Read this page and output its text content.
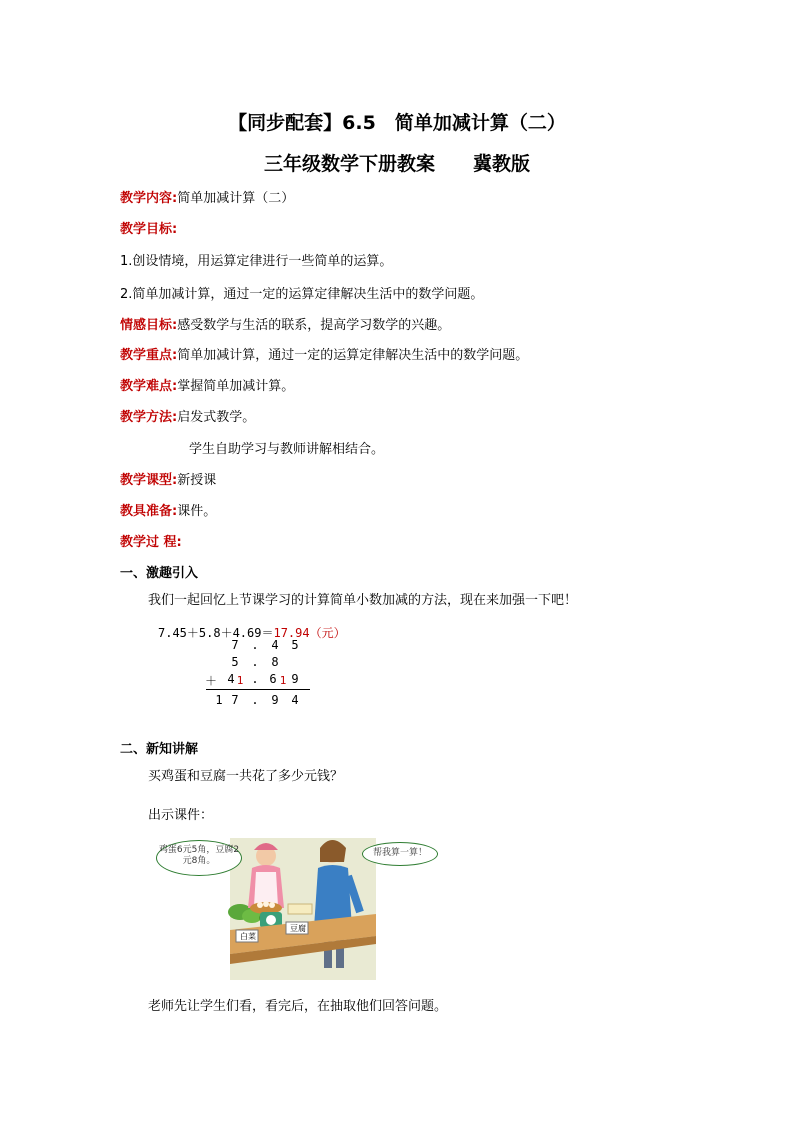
【同步配套】6.5　简单加减计算（二）
三年级数学下册教案　　冀教版
教学内容:简单加减计算（二）
教学目标:
1.创设情境，用运算定律进行一些简单的运算。
2.简单加减计算，通过一定的运算定律解决生活中的数学问题。
情感目标:感受数学与生活的联系，提高学习数学的兴趣。
教学重点:简单加减计算，通过一定的运算定律解决生活中的数学问题。
教学难点:掌握简单加减计算。
教学方法:启发式教学。
学生自助学习与教师讲解相结合。
教学课型:新授课
教具准备:课件。
教学过 程:
一、激趣引入
我们一起回忆上节课学习的计算简单小数加减的方法，现在来加强一下吧！
7.45＋5.8＋4.69＝17.94（元）
7 . 4 5
5 . 8
＋ 4 1 . 6 1 9
1 7 . 9 4
二、新知讲解
买鸡蛋和豆腐一共花了多少元钱？
出示课件：
鸡蛋6元5角，豆腐2元8角。
帮我算一算！
白菜
豆腐
老师先让学生们看，看完后，在抽取他们回答问题。
